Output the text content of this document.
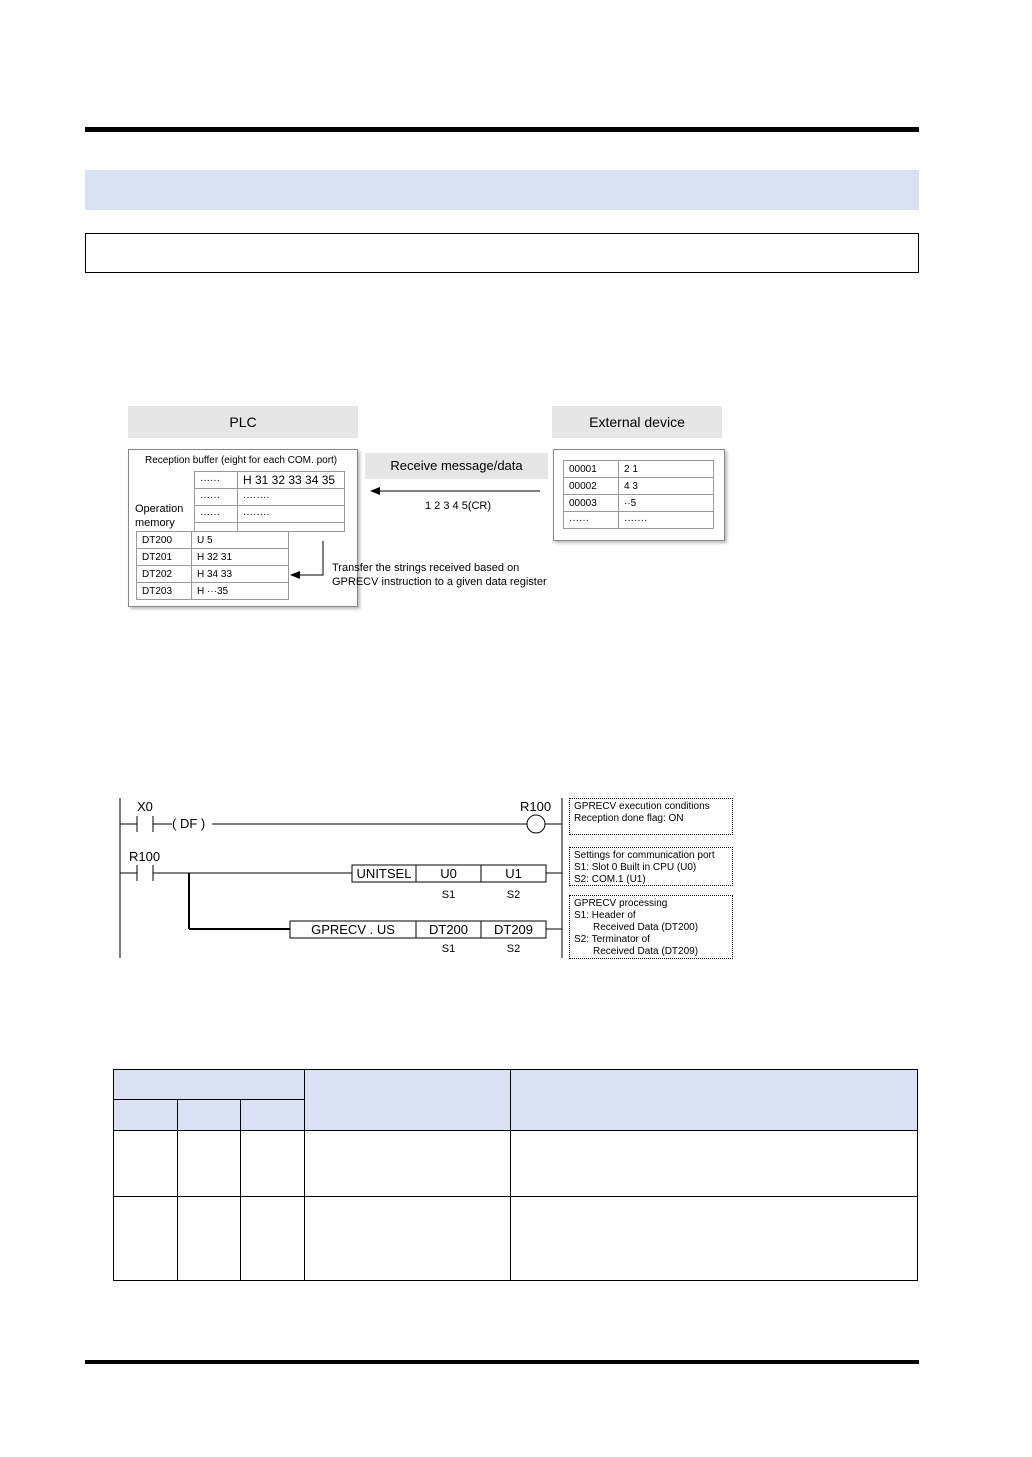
PLC	External device
Reception buffer (eight for each COM. port)
······	H 31 32 33 34 35
······	········
······	········

Operation
memory
DT200	U 5
DT201	H 32 31
DT202	H 34 33
DT203	H ···35
Receive message/data
1 2 3 4 5(CR)
Transfer the strings received based on
GPRECV instruction to a given data register
00001	2 1
00002	4 3
00003	··5
······	·······
X0
( DF )
R100
R100
UNITSEL	U0	U1
S1	S2
GPRECV . US	DT200	DT209
S1	S2
GPRECV execution conditions
Reception done flag: ON
Settings for communication port
S1: Slot 0 Built in CPU (U0)
S2: COM.1 (U1)
GPRECV processing
S1: Header of
Received Data (DT200)
S2: Terminator of
Received Data (DT209)
